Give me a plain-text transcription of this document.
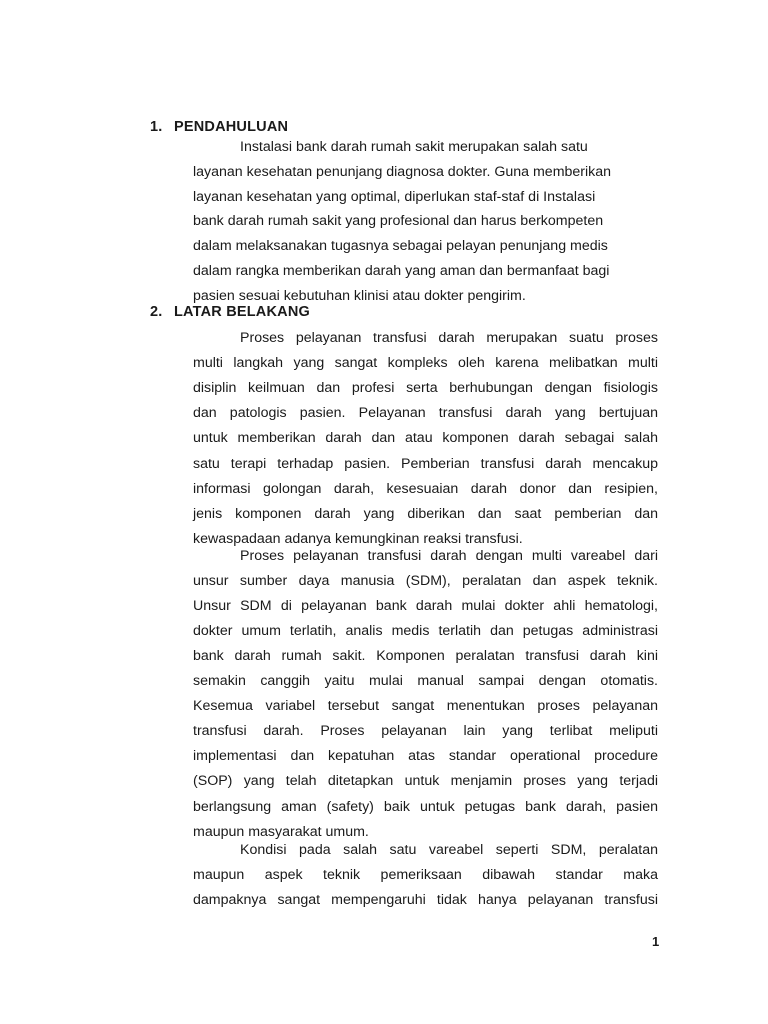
1. PENDAHULUAN
Instalasi bank darah rumah sakit merupakan salah satu
layanan kesehatan penunjang diagnosa dokter. Guna memberikan
layanan kesehatan yang optimal, diperlukan staf-staf di Instalasi
bank darah rumah sakit yang profesional dan harus berkompeten
dalam melaksanakan tugasnya sebagai pelayan penunjang medis
dalam rangka memberikan darah yang aman dan bermanfaat bagi
pasien sesuai kebutuhan klinisi atau dokter pengirim.
2. LATAR BELAKANG
Proses pelayanan transfusi darah merupakan suatu proses
multi langkah yang sangat kompleks oleh karena melibatkan multi
disiplin keilmuan dan profesi serta berhubungan dengan fisiologis
dan patologis pasien. Pelayanan transfusi darah yang bertujuan
untuk memberikan darah dan atau komponen darah sebagai salah
satu terapi terhadap pasien. Pemberian transfusi darah mencakup
informasi golongan darah, kesesuaian darah donor dan resipien,
jenis komponen darah yang diberikan dan saat pemberian dan
kewaspadaan adanya kemungkinan reaksi transfusi.
Proses pelayanan transfusi darah dengan multi vareabel dari
unsur sumber daya manusia (SDM), peralatan dan aspek teknik.
Unsur SDM di pelayanan bank darah mulai dokter ahli hematologi,
dokter umum terlatih, analis medis terlatih dan petugas administrasi
bank darah rumah sakit. Komponen peralatan transfusi darah kini
semakin canggih yaitu mulai manual sampai dengan otomatis.
Kesemua variabel tersebut sangat menentukan proses pelayanan
transfusi darah. Proses pelayanan lain yang terlibat meliputi
implementasi dan kepatuhan atas standar operational procedure
(SOP) yang telah ditetapkan untuk menjamin proses yang terjadi
berlangsung aman (safety) baik untuk petugas bank darah, pasien
maupun masyarakat umum.
Kondisi pada salah satu vareabel seperti SDM, peralatan
maupun aspek teknik pemeriksaan dibawah standar maka
dampaknya sangat mempengaruhi tidak hanya pelayanan transfusi
1
